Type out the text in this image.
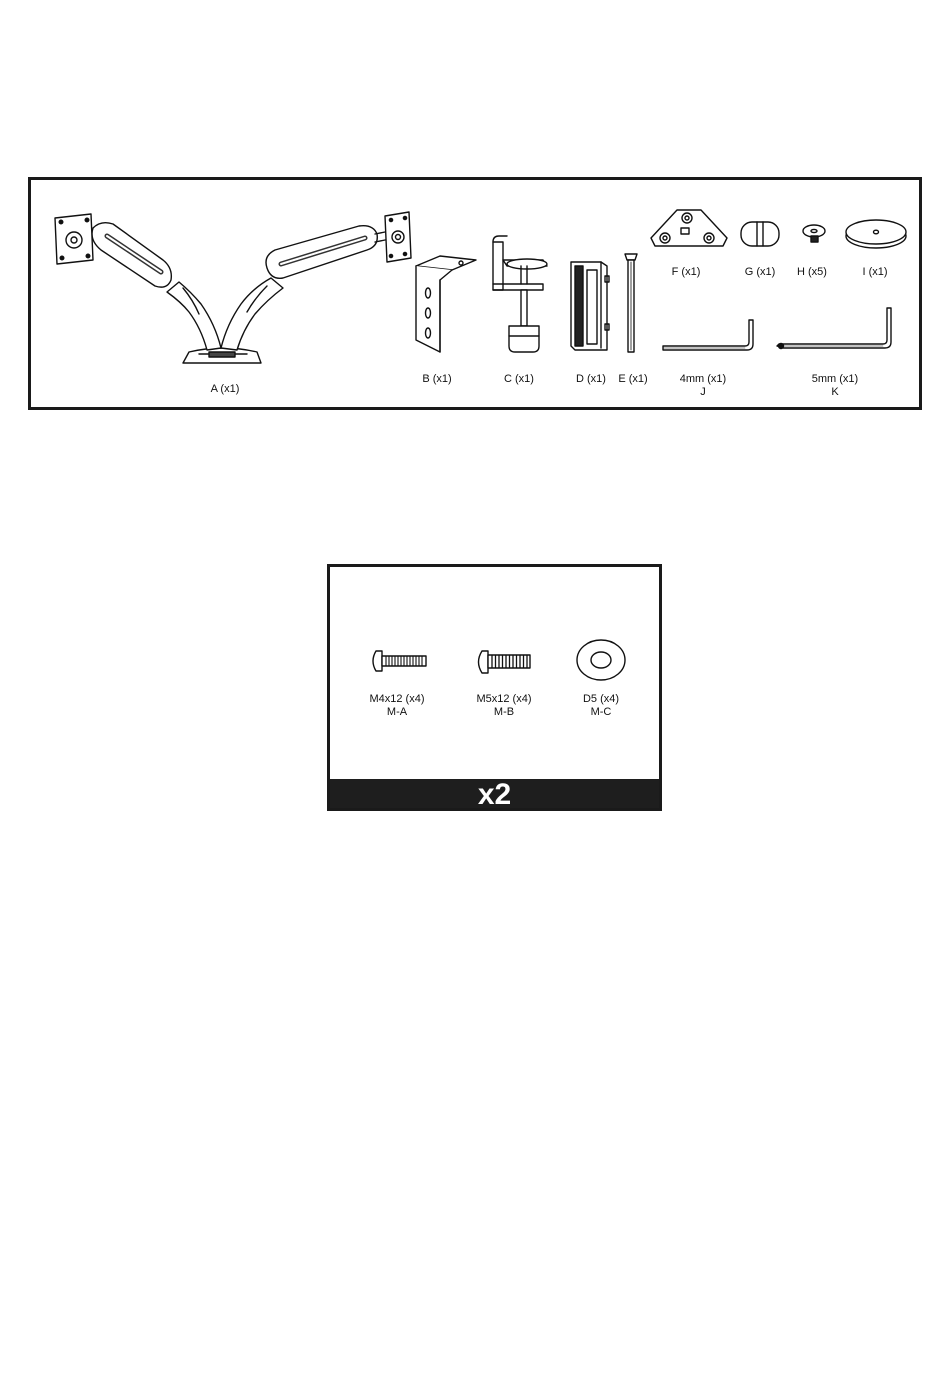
A (x1)
B (x1)	C (x1)	D (x1) E (x1)
F (x1)	G (x1) H (x5)	I (x1)
4mm (x1)
J
5mm (x1)
K
M4x12 (x4)
M-A
M5x12 (x4)
M-B
D5 (x4)
M-C
x2
